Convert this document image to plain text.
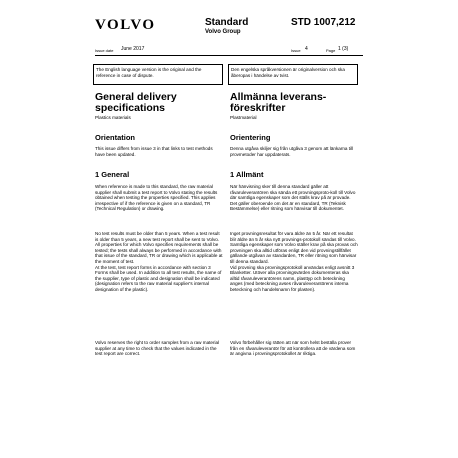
VOLVO	Standard
Volvo Group
STD 1007,212
Issue date June 2017	Issue 4	Page 1 (3)
The English language version is the original and the reference in case of dispute.
Den engelska språkversionen är originalversion och ska åberopas i händelse av tvist.
General delivery specifications
Plastics materials
Orientation
This issue differs from issue 3 in that links to test methods have been updated.
1 General
When reference is made to this standard, the raw material supplier shall submit a test report to Volvo stating the results obtained when testing the properties specified. This applies irrespective of if the reference is given on a standard, TR (Technical Regulation) or drawing.
No test results must be older than 5 years. When a test result is older than 5 years, a new test report shall be sent to Volvo.
All properties for which Volvo specifies requirements shall be tested; the tests shall always be performed in accordance with that issue of the standard, TR or drawing which is applicable at the moment of test.
At the test, test report forms in accordance with section 3 Forms shall be used. In addition to all test results, the name of the supplier, type of plastic and designation shall be indicated (designation refers to the raw material supplier's internal designation of the plastic).
Volvo reserves the right to order samples from a raw material supplier at any time to check that the values indicated in the test report are correct.
Allmänna leverans-föreskrifter
Plastmaterial
Orientering
Denna utgåva skiljer sig från utgåva 3 genom att länkarna till provmetoder har uppdaterats.
1 Allmänt
När hänvisning sker till denna standard gäller att råvaruleverantören ska sända ett provningsproto-koll till Volvo där samtliga egenskaper som det ställs krav på är provade. Det gäller oberoende om det är en standard, TR (Teknisk Bestämmelse) eller ritning som hänvisar till dokumentet.
Inget provningsresultat för vara äldre än 5 år. När ett resultat blir äldre än 5 år ska nytt provnings-protokoll sändas till Volvo.
Samtliga egenskaper som Volvo ställer krav på ska provas och provningen ska alltid utföras enligt den vid provningstillfället gällande utgåvan av standarden, TR eller ritning som hänvisar till denna standard.
Vid provning ska provningsprotokoll användas enligt avsnitt 3 Blanketter. Utöver alla provningsvärden dokumenteras ska alltid råvaruleverantörens namn, plasttyp och beteckning anges (med beteckning avses råvaruleverantörens interna beteckning och handelsnamn för plasten).
Volvo förbehåller sig rätten att när som helst beställa prover från en råvaruleverantör för att kontrollera att de värdena som är angivna i provningsprotokollet är riktiga.
